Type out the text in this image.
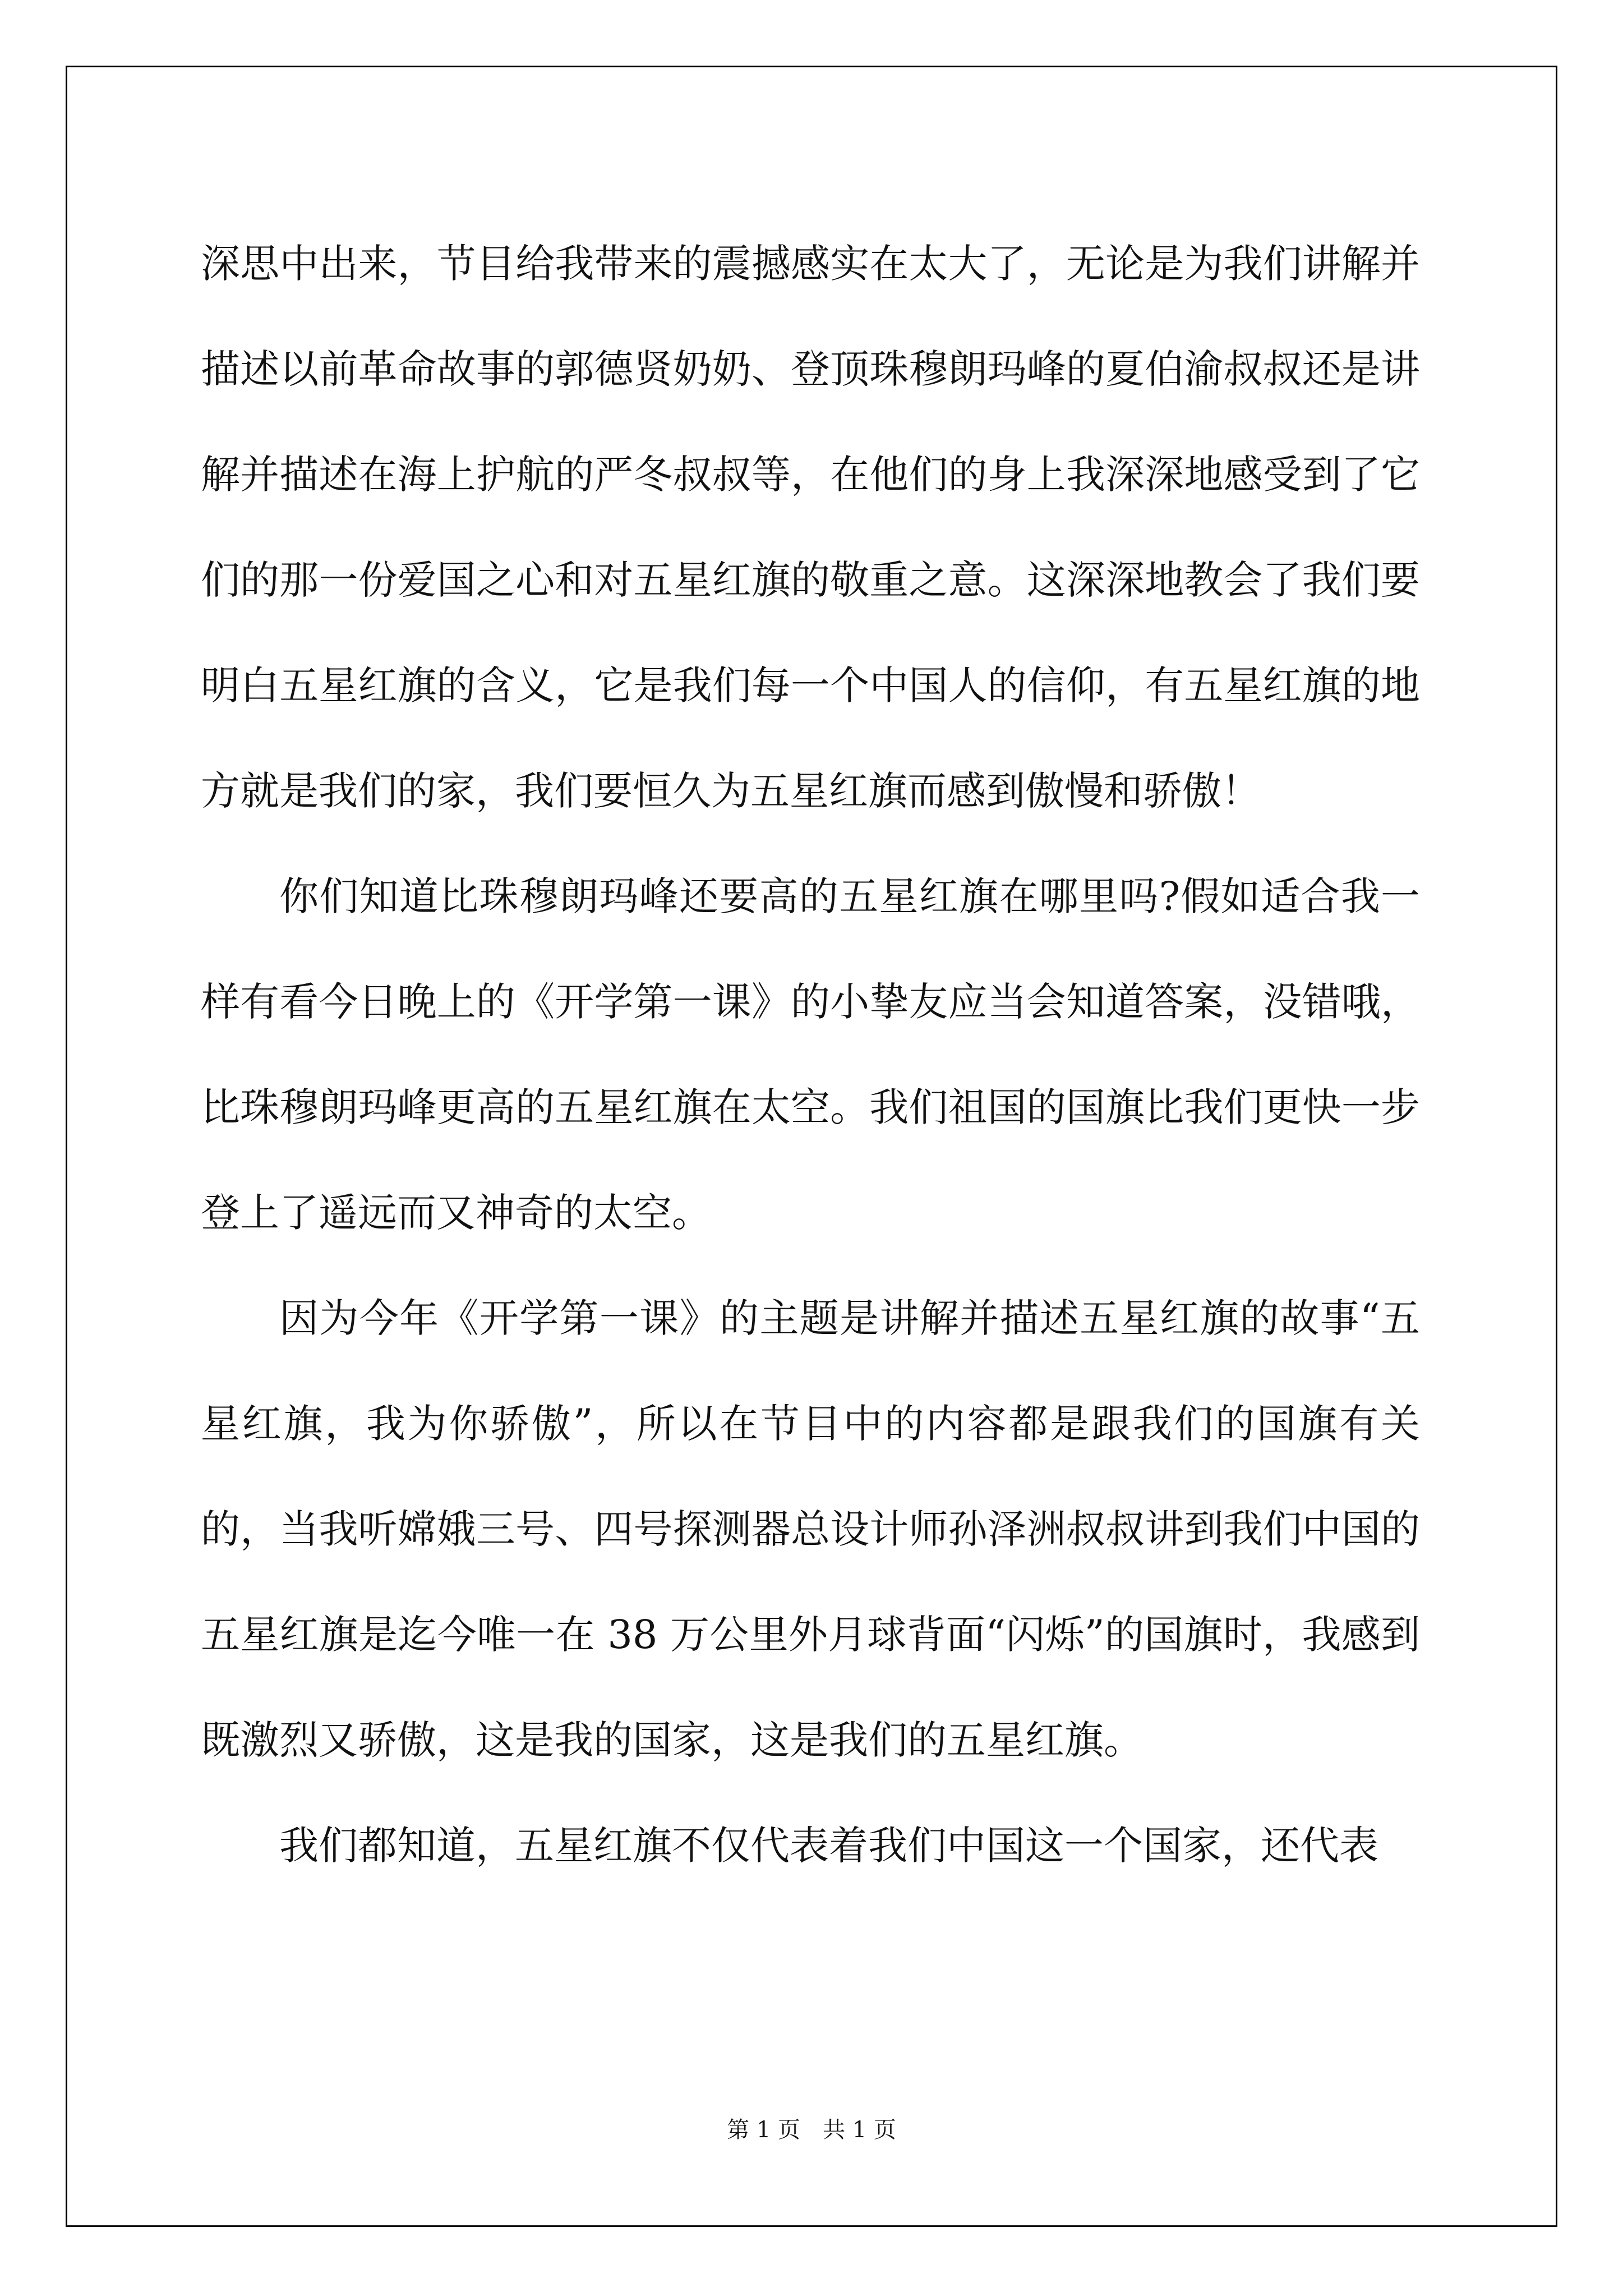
深思中出来，节目给我带来的震撼感实在太大了，无论是为我们讲解并描述以前革命故事的郭德贤奶奶、登顶珠穆朗玛峰的夏伯渝叔叔还是讲解并描述在海上护航的严冬叔叔等，在他们的身上我深深地感受到了它们的那一份爱国之心和对五星红旗的敬重之意。这深深地教会了我们要明白五星红旗的含义，它是我们每一个中国人的信仰，有五星红旗的地方就是我们的家，我们要恒久为五星红旗而感到傲慢和骄傲！

你们知道比珠穆朗玛峰还要高的五星红旗在哪里吗?假如适合我一样有看今日晚上的《开学第一课》的小挚友应当会知道答案，没错哦，比珠穆朗玛峰更高的五星红旗在太空。我们祖国的国旗比我们更快一步登上了遥远而又神奇的太空。

因为今年《开学第一课》的主题是讲解并描述五星红旗的故事“五星红旗，我为你骄傲”，所以在节目中的内容都是跟我们的国旗有关的，当我听嫦娥三号、四号探测器总设计师孙泽洲叔叔讲到我们中国的五星红旗是迄今唯一在 38 万公里外月球背面“闪烁”的国旗时，我感到既激烈又骄傲，这是我的国家，这是我们的五星红旗。

我们都知道，五星红旗不仅代表着我们中国这一个国家，还代表

第 1 页　共 1 页
